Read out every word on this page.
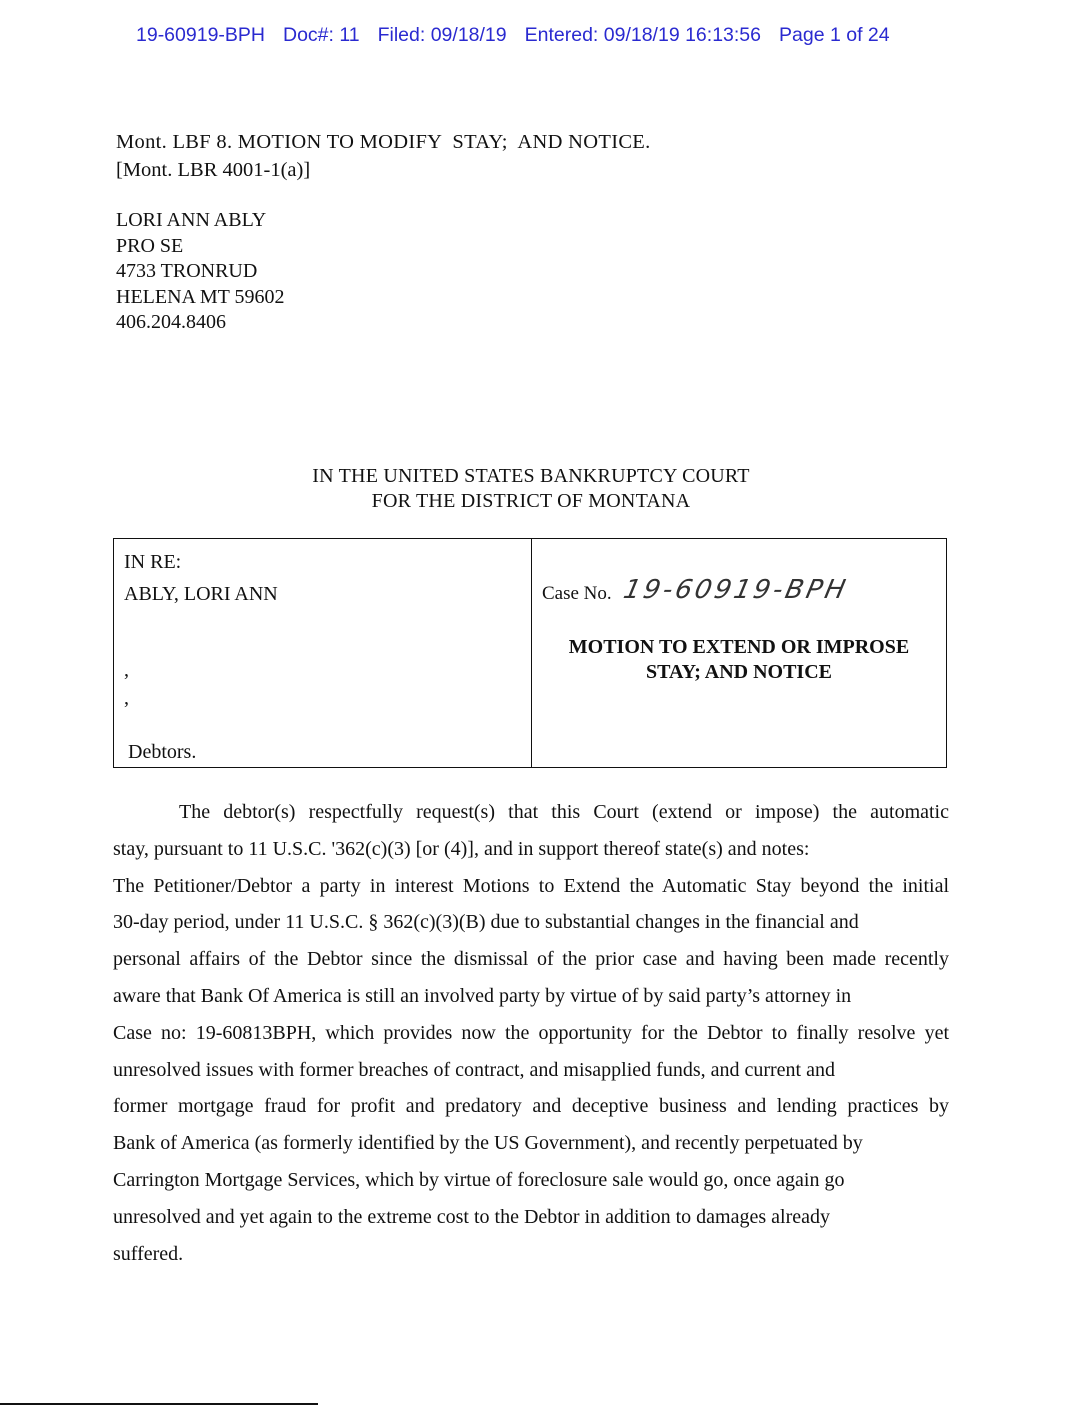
19-60919-BPH Doc#: 11 Filed: 09/18/19 Entered: 09/18/19 16:13:56 Page 1 of 24
Mont. LBF 8. MOTION TO MODIFY  STAY;  AND NOTICE.
[Mont. LBR 4001-1(a)]
LORI ANN ABLY
PRO SE
4733 TRONRUD
HELENA MT 59602
406.204.8406
IN THE UNITED STATES BANKRUPTCY COURT
FOR THE DISTRICT OF MONTANA
IN RE:
ABLY, LORI ANN
,
,
Debtors.
Case No. 19-60919-BPH
MOTION TO EXTEND OR IMPROSE
STAY; AND NOTICE
The debtor(s) respectfully request(s) that this Court (extend or impose) the automatic
stay, pursuant to 11 U.S.C. '362(c)(3) [or (4)], and in support thereof state(s) and notes:
The Petitioner/Debtor a party in interest Motions to Extend the Automatic Stay beyond the initial
30-day period, under 11 U.S.C. § 362(c)(3)(B) due to substantial changes in the financial and
personal affairs of the Debtor since the dismissal of the prior case and having been made recently
aware that Bank Of America is still an involved party by virtue of by said party’s attorney in
Case no: 19-60813BPH, which provides now the opportunity for the Debtor to finally resolve yet
unresolved issues with former breaches of contract, and misapplied funds, and current and
former mortgage fraud for profit and predatory and deceptive business and lending practices by
Bank of America (as formerly identified by the US Government), and recently perpetuated by
Carrington Mortgage Services, which by virtue of foreclosure sale would go, once again go
unresolved and yet again to the extreme cost to the Debtor in addition to damages already
suffered.
